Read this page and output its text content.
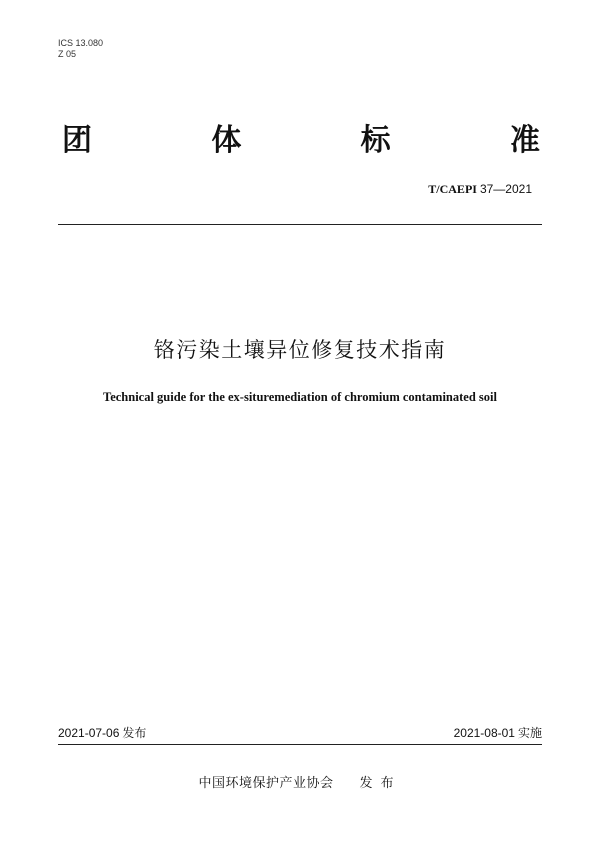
ICS 13.080
Z 05
团	体	标	准
T/CAEPI 37—2021
铬污染土壤异位修复技术指南
Technical guide for the ex-situremediation of chromium contaminated soil
2021-07-06 发布	2021-08-01 实施
中国环境保护产业协会 发布
